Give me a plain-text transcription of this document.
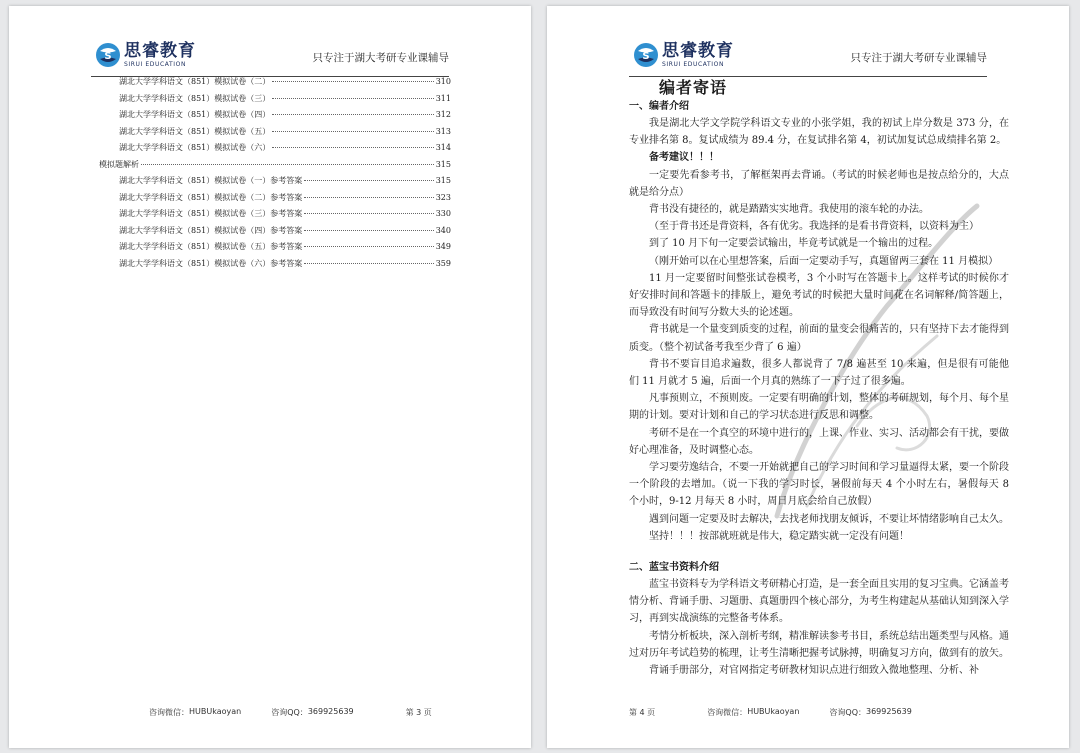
S 思睿教育
SIRUI EDUCATION	只专注于湖大考研专业课辅导
湖北大学学科语文（851）模拟试卷（二）	310
湖北大学学科语文（851）模拟试卷（三）	311
湖北大学学科语文（851）模拟试卷（四）	312
湖北大学学科语文（851）模拟试卷（五）	313
湖北大学学科语文（851）模拟试卷（六）	314
模拟题解析	315
湖北大学学科语文（851）模拟试卷（一）参考答案	315
湖北大学学科语文（851）模拟试卷（二）参考答案	323
湖北大学学科语文（851）模拟试卷（三）参考答案	330
湖北大学学科语文（851）模拟试卷（四）参考答案	340
湖北大学学科语文（851）模拟试卷（五）参考答案	349
湖北大学学科语文（851）模拟试卷（六）参考答案	359
咨询微信： HUBUkaoyan	咨询QQ： 369925639	第 3 页
S 思睿教育
SIRUI EDUCATION	只专注于湖大考研专业课辅导
编者寄语
一、编者介绍

我是湖北大学文学院学科语文专业的小张学姐，我的初试上岸分数是 373 分，在专业排名第 8。复试成绩为 89.4 分，在复试排名第 4，初试加复试总成绩排名第 2。

备考建议！！！

一定要先看参考书，了解框架再去背诵。（考试的时候老师也是按点给分的，大点就是给分点）

背书没有捷径的，就是踏踏实实地背。我使用的滚车轮的办法。

（至于背书还是背资料，各有优劣。我选择的是看书背资料，以资料为主）

到了 10 月下旬一定要尝试输出，毕竟考试就是一个输出的过程。

（刚开始可以在心里想答案，后面一定要动手写，真题留两三套在 11 月模拟）

11 月一定要留时间整张试卷模考，3 个小时写在答题卡上。这样考试的时候你才好安排时间和答题卡的排版上，避免考试的时候把大量时间花在名词解释/简答题上，而导致没有时间写分数大头的论述题。

背书就是一个量变到质变的过程，前面的量变会很痛苦的，只有坚持下去才能得到质变。（整个初试备考我至少背了 6 遍）

背书不要盲目追求遍数，很多人都说背了 7/8 遍甚至 10 来遍，但是很有可能他们 11 月就才 5 遍，后面一个月真的熟练了一下子过了很多遍。

凡事预则立，不预则废。一定要有明确的计划，整体的考研规划，每个月、每个星期的计划。要对计划和自己的学习状态进行反思和调整。

考研不是在一个真空的环境中进行的，上课、作业、实习、活动都会有干扰，要做好心理准备，及时调整心态。

学习要劳逸结合，不要一开始就把自己的学习时间和学习量逼得太紧，要一个阶段一个阶段的去增加。（说一下我的学习时长，暑假前每天 4 个小时左右，暑假每天 8 个小时，9-12 月每天 8 小时，周日月底会给自己放假）

遇到问题一定要及时去解决，去找老师找朋友倾诉，不要让坏情绪影响自己太久。

坚持！！！按部就班就是伟大，稳定踏实就一定没有问题！

二、蓝宝书资料介绍

蓝宝书资料专为学科语文考研精心打造，是一套全面且实用的复习宝典。它涵盖考情分析、背诵手册、习题册、真题册四个核心部分，为考生构建起从基础认知到深入学习，再到实战演练的完整备考体系。

考情分析板块，深入剖析考纲，精准解读参考书目，系统总结出题类型与风格。通过对历年考试趋势的梳理，让考生清晰把握考试脉搏，明确复习方向，做到有的放矢。

背诵手册部分，对官网指定考研教材知识点进行细致入微地整理、分析、补

第 4 页	咨询微信： HUBUkaoyan	咨询QQ： 369925639
